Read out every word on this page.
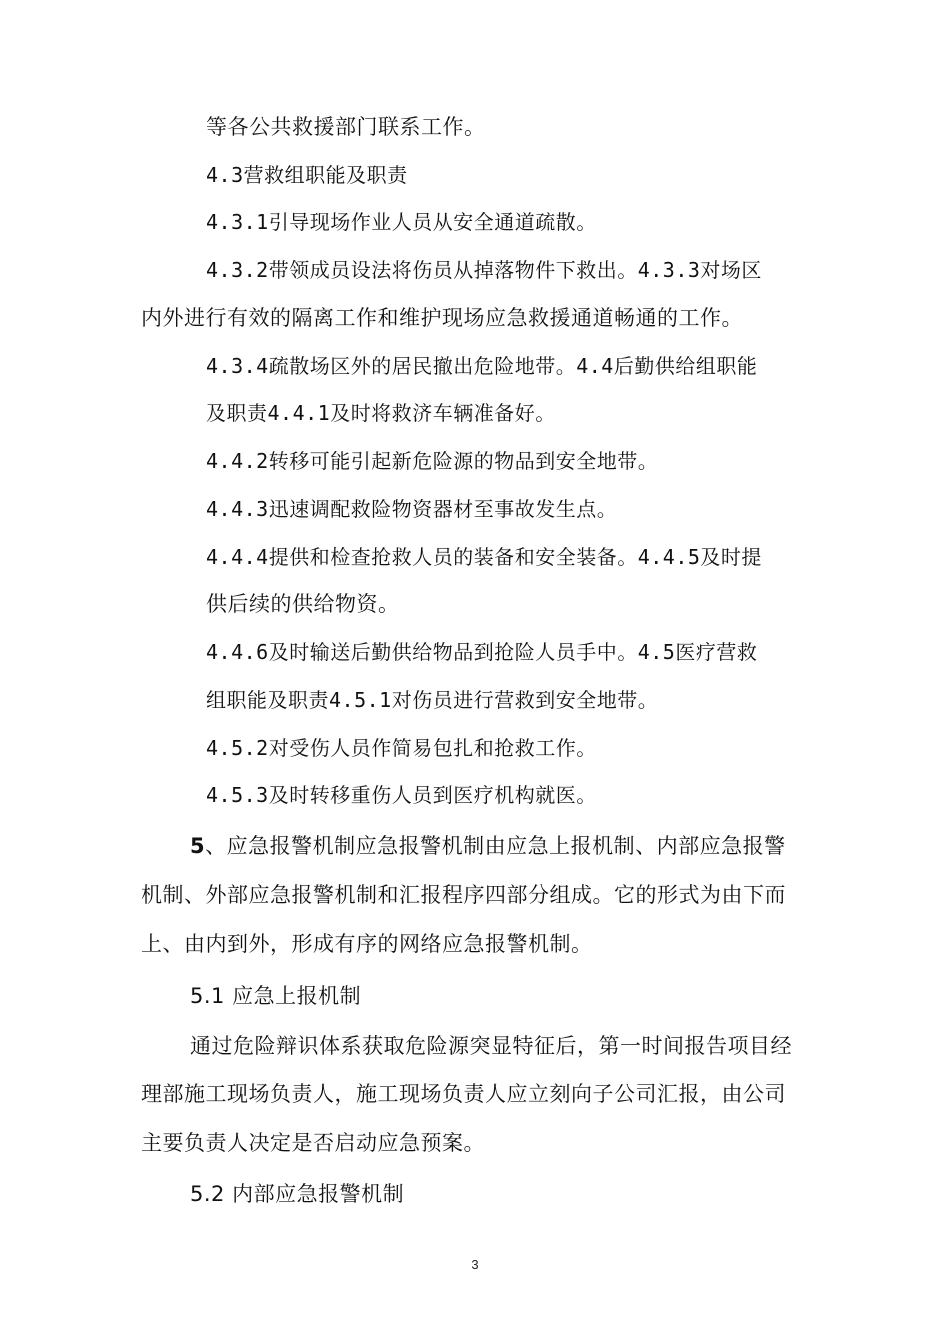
等各公共救援部门联系工作。
4.3营救组职能及职责
4.3.1引导现场作业人员从安全通道疏散。
4.3.2带领成员设法将伤员从掉落物件下救出。4.3.3对场区
内外进行有效的隔离工作和维护现场应急救援通道畅通的工作。
4.3.4疏散场区外的居民撤出危险地带。4.4后勤供给组职能
及职责4.4.1及时将救济车辆准备好。
4.4.2转移可能引起新危险源的物品到安全地带。
4.4.3迅速调配救险物资器材至事故发生点。
4.4.4提供和检查抢救人员的装备和安全装备。4.4.5及时提
供后续的供给物资。
4.4.6及时输送后勤供给物品到抢险人员手中。4.5医疗营救
组职能及职责4.5.1对伤员进行营救到安全地带。
4.5.2对受伤人员作简易包扎和抢救工作。
4.5.3及时转移重伤人员到医疗机构就医。
5、应急报警机制应急报警机制由应急上报机制、内部应急报警
机制、外部应急报警机制和汇报程序四部分组成。它的形式为由下而
上、由内到外，形成有序的网络应急报警机制。
5.1 应急上报机制
通过危险辩识体系获取危险源突显特征后，第一时间报告项目经
理部施工现场负责人，施工现场负责人应立刻向子公司汇报，由公司
主要负责人决定是否启动应急预案。
5.2 内部应急报警机制
3
